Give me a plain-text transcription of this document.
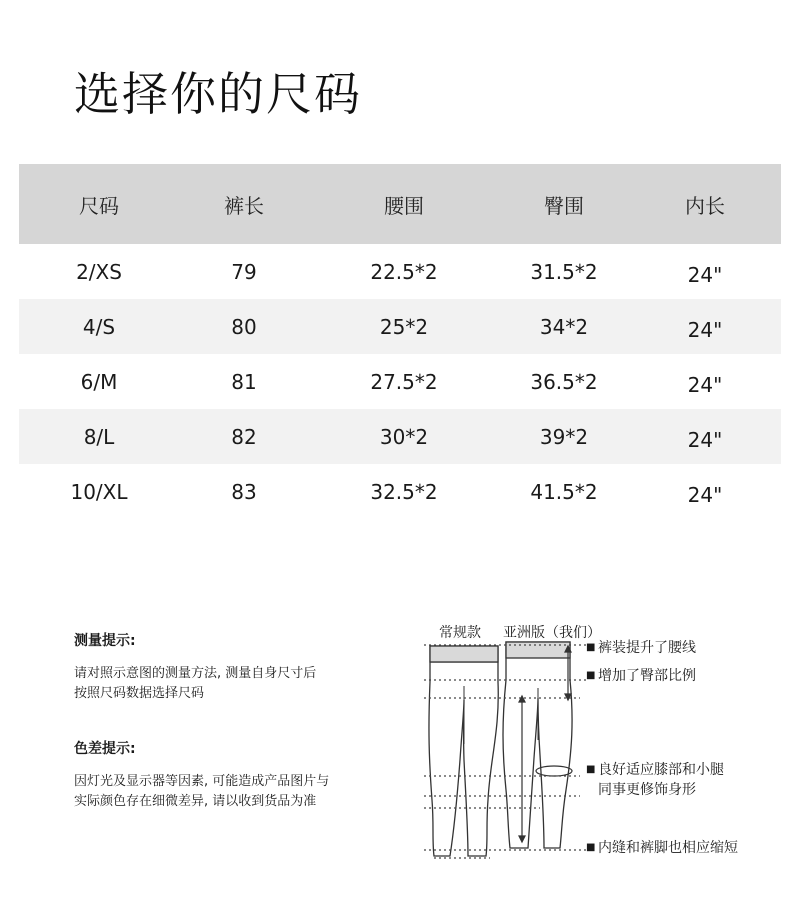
选择你的尺码
尺码	裤长	腰围	臀围	内长
2/XS	79	22.5*2	31.5*2	24"
4/S	80	25*2	34*2	24"
6/M	81	27.5*2	36.5*2	24"
8/L	82	30*2	39*2	24"
10/XL	83	32.5*2	41.5*2	24"

测量提示:

请对照示意图的测量方法, 测量自身尺寸后
按照尺码数据选择尺码

色差提示:

因灯光及显示器等因素, 可能造成产品图片与
实际颜色存在细微差异, 请以收到货品为准

常规款 亚洲版（我们）
■ 裤装提升了腰线
■ 增加了臀部比例
■ 良好适应膝部和小腿
同事更修饰身形
■ 内缝和裤脚也相应缩短
